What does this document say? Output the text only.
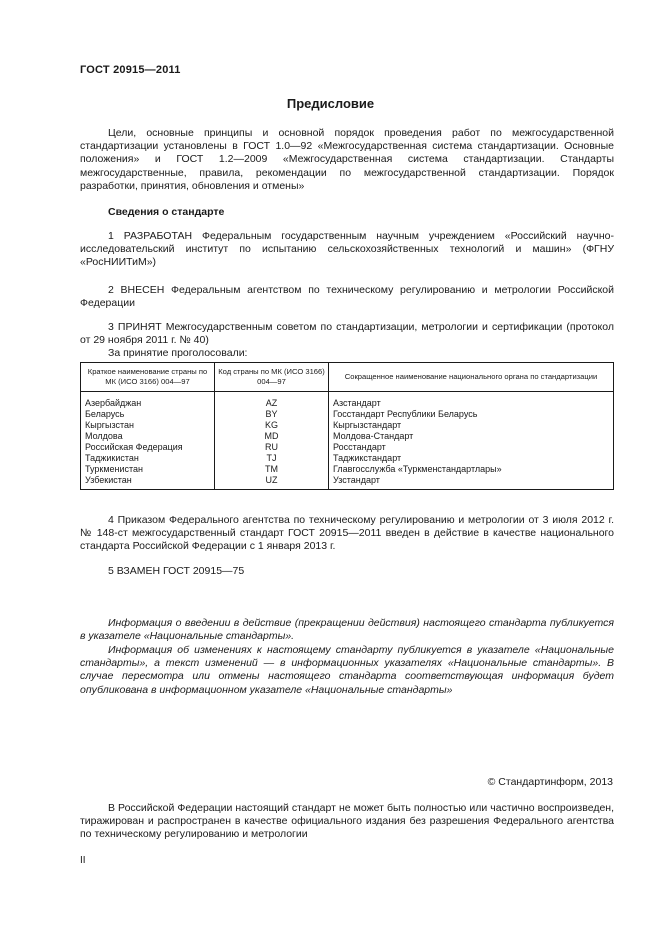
ГОСТ 20915—2011
Предисловие

Цели, основные принципы и основной порядок проведения работ по межгосударственной стандартизации установлены в ГОСТ 1.0—92 «Межгосударственная система стандартизации. Основные положения» и ГОСТ 1.2—2009 «Межгосударственная система стандартизации. Стандарты межгосударственные, правила, рекомендации по межгосударственной стандартизации. Порядок разработки, принятия, обновления и отмены»

Сведения о стандарте

1 РАЗРАБОТАН Федеральным государственным научным учреждением «Российский научно-исследовательский институт по испытанию сельскохозяйственных технологий и машин» (ФГНУ «РосНИИТиМ»)

2 ВНЕСЕН Федеральным агентством по техническому регулированию и метрологии Российской Федерации

3 ПРИНЯТ Межгосударственным советом по стандартизации, метрологии и сертификации (протокол от 29 ноября 2011 г. № 40)

За принятие проголосовали:

Краткое наименование страны по МК (ИСО 3166) 004—97	Код страны по МК (ИСО 3166) 004—97	Сокращенное наименование национального органа по стандартизации
Азербайджан	AZ	Азстандарт
Беларусь	BY	Госстандарт Республики Беларусь
Кыргызстан	KG	Кыргызстандарт
Молдова	MD	Молдова-Стандарт
Российская Федерация	RU	Росстандарт
Таджикистан	TJ	Таджикстандарт
Туркменистан	TM	Главгосслужба «Туркменстандартлары»
Узбекистан	UZ	Узстандарт

4 Приказом Федерального агентства по техническому регулированию и метрологии от 3 июля 2012 г. № 148-ст межгосударственный стандарт ГОСТ 20915—2011 введен в действие в качестве национального стандарта Российской Федерации с 1 января 2013 г.

5 ВЗАМЕН ГОСТ 20915—75

Информация о введении в действие (прекращении действия) настоящего стандарта публикуется в указателе «Национальные стандарты».

Информация об изменениях к настоящему стандарту публикуется в указателе «Национальные стандарты», а текст изменений — в информационных указателях «Национальные стандарты». В случае пересмотра или отмены настоящего стандарта соответствующая информация будет опубликована в информационном указателе «Национальные стандарты»

© Стандартинформ, 2013

В Российской Федерации настоящий стандарт не может быть полностью или частично воспроизведен, тиражирован и распространен в качестве официального издания без разрешения Федерального агентства по техническому регулированию и метрологии

II
